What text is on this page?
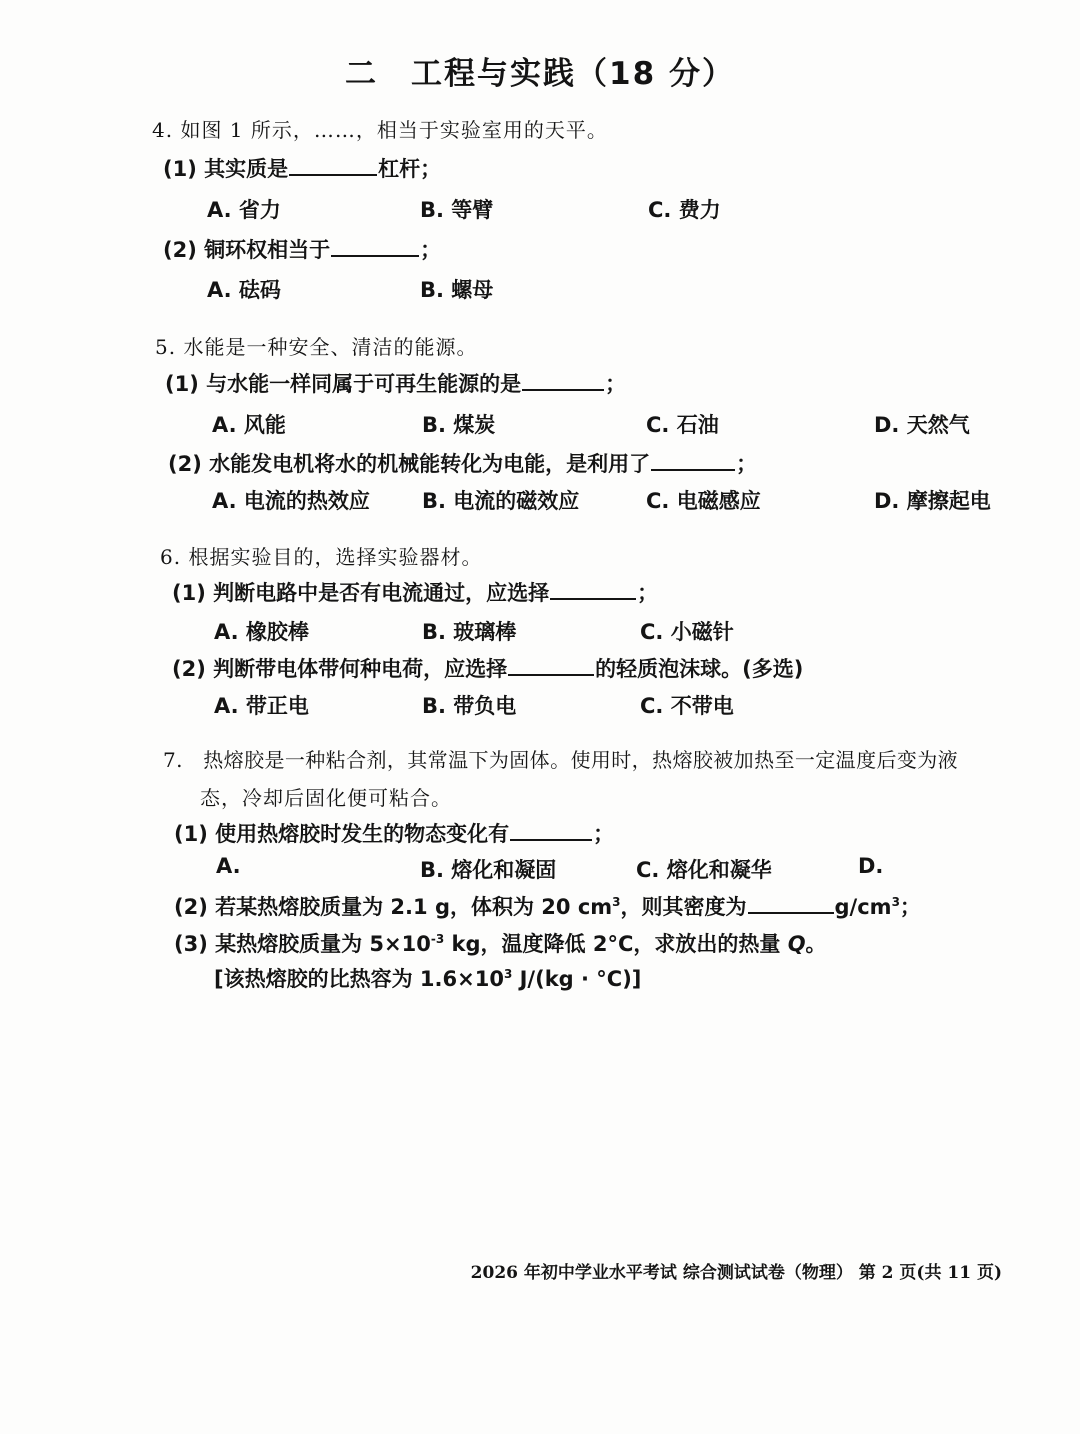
二　工程与实践（18 分）
4. 如图 1 所示，……，相当于实验室用的天平。
(1) 其实质是	杠杆；
A. 省力	B. 等臂	C. 费力
(2) 铜环权相当于	；
A. 砝码	B. 螺母
5. 水能是一种安全、清洁的能源。
(1) 与水能一样同属于可再生能源的是	；
A. 风能	B. 煤炭	C. 石油	D. 天然气
(2) 水能发电机将水的机械能转化为电能，是利用了	；
A. 电流的热效应 B. 电流的磁效应	C. 电磁感应	D. 摩擦起电
6. 根据实验目的，选择实验器材。
(1) 判断电路中是否有电流通过，应选择	；
A. 橡胶棒	B. 玻璃棒	C. 小磁针
(2) 判断带电体带何种电荷，应选择	的轻质泡沫球。(多选)
A. 带正电	B. 带负电	C. 不带电
7.　热熔胶是一种粘合剂，其常温下为固体。使用时，热熔胶被加热至一定温度后变为液
态，冷却后固化便可粘合。
(1) 使用热熔胶时发生的物态变化有	；
A.	B. 熔化和凝固	C. 熔化和凝华	D.
(2) 若某热熔胶质量为 2.1 g，体积为 20 $cm^3$，则其密度为	$g/cm^3$；
(3) 某热熔胶质量为 $5\times 10^{-3}$ kg，温度降低 2°C，求放出的热量 Q。
[该热熔胶的比热容为 $1.6\times 10^3$ J/(kg · °C)]
2026 年初中学业水平考试 综合测试试卷（物理） 第 2 页(共 11 页)
